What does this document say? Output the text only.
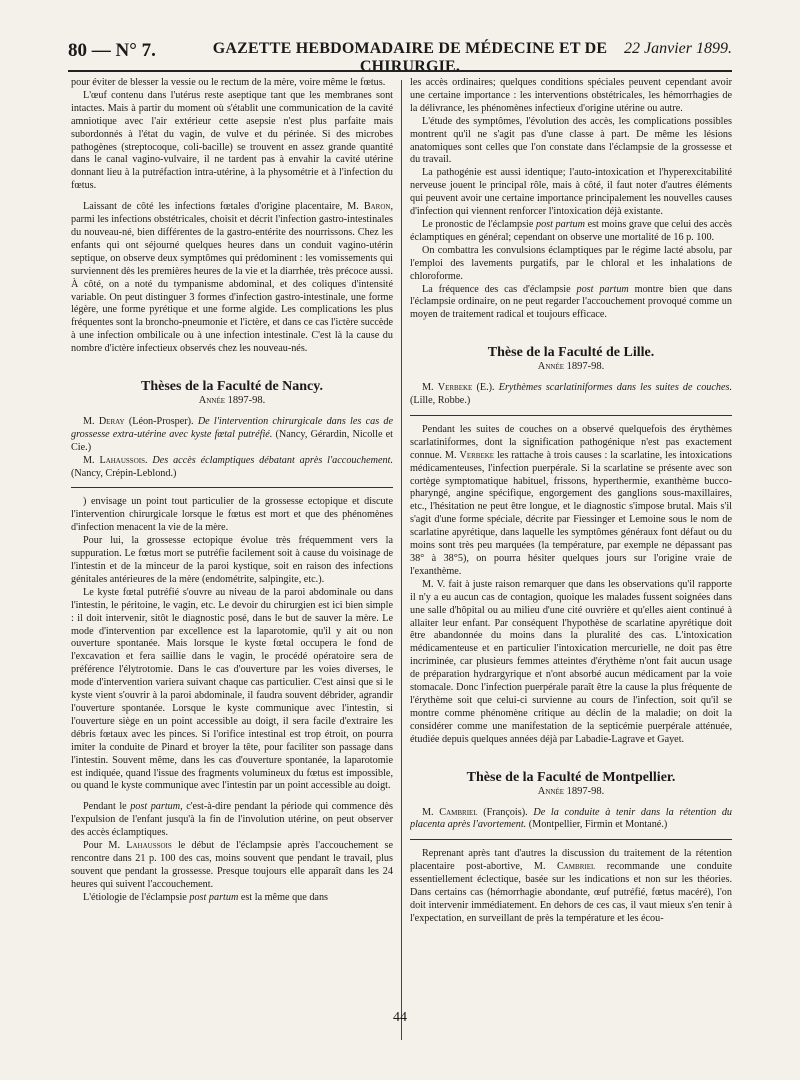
80 — N° 7.	GAZETTE HEBDOMADAIRE DE MÉDECINE ET DE CHIRURGIE.
22 Janvier 1899.

pour éviter de blesser la vessie ou le rectum de la mère, voire même le fœtus.

L'œuf contenu dans l'utérus reste aseptique tant que les membranes sont intactes. Mais à partir du moment où s'établit une communication de la cavité amniotique avec l'air extérieur cette asepsie n'est plus parfaite mais subordonnés à l'état du vagin, de vulve et du périnée. Si des microbes pathogènes (streptocoque, coli-bacille) se trouvent en assez grande quantité dans le canal vagino-vulvaire, il ne tardent pas à envahir la cavité utérine donnant lieu à la putréfaction intra-utérine, à la physométrie et à l'infection du fœtus.

Laissant de côté les infections fœtales d'origine placentaire, M. Baron, parmi les infections obstétricales, choisit et décrit l'infection gastro-intestinales du nouveau-né, bien différentes de la gastro-entérite des nourrissons. Chez les enfants qui ont séjourné quelques heures dans un conduit vagino-utérin septique, on observe deux symptômes qui prédominent : les vomissements qui surviennent dès les premières heures de la vie et la diarrhée, très précoce aussi. À côté, on a noté du tympanisme abdominal, et des coliques d'intensité variable. On peut distinguer 3 formes d'infection gastro-intestinale, une forme légère, une forme pyrétique et une forme algide. Les complications les plus fréquentes sont la broncho-pneumonie et l'ictère, et dans ce cas l'ictère succède à une infection ombilicale ou à une infection intestinale. C'est là la cause du nombre d'ictère infectieux observés chez les nouveau-nés.

Thèses de la Faculté de Nancy.
Année 1897-98.

M. Deray (Léon-Prosper). De l'intervention chirurgicale dans les cas de grossesse extra-utérine avec kyste fœtal putréfié. (Nancy, Gérardin, Nicolle et Cie.)

M. Lahaussois. Des accès éclamptiques débatant après l'accouchement. (Nancy, Crépin-Leblond.)

) envisage un point tout particulier de la grossesse ectopique et discute l'intervention chirurgicale lorsque le fœtus est mort et que des phénomènes d'infection menacent la vie de la mère.

Pour lui, la grossesse ectopique évolue très fréquemment vers la suppuration. Le fœtus mort se putréfie facilement soit à cause du voisinage de l'intestin et de la minceur de la paroi kystique, soit en raison des infections génitales antérieures de la mère (endométrite, salpingite, etc.).

Le kyste fœtal putréfié s'ouvre au niveau de la paroi abdominale ou dans l'intestin, le péritoine, le vagin, etc. Le devoir du chirurgien est ici bien simple : il doit intervenir, sitôt le diagnostic posé, dans le but de sauver la mère. Le mode d'intervention par excellence est la laparotomie, qu'il y ait ou non ouverture spontanée. Mais lorsque le kyste fœtal occupera le fond de l'excavation et fera saillie dans le vagin, le procédé opératoire sera de préférence l'élytrotomie. Dans le cas d'ouverture par les voies diverses, le mode d'intervention variera suivant chaque cas particulier. C'est ainsi que si le kyste vient s'ouvrir à la paroi abdominale, il faudra souvent débrider, agrandir l'ouverture spontanée. Lorsque le kyste communique avec l'intestin, si l'ouverture siège en un point accessible au doigt, il sera facile d'extraire les débris fœtaux avec les pinces. Si l'orifice intestinal est trop étroit, on pourra imiter la conduite de Pinard et broyer la tête, pour faciliter son passage dans l'intestin. Souvent même, dans les cas d'ouverture spontanée, la laparotomie est indiquée, quand l'issue des fragments volumineux du fœtus est impossible, ou quand le kyste communique avec l'intestin par un point accessible au doigt.

Pendant le post partum, c'est-à-dire pendant la période qui commence dès l'expulsion de l'enfant jusqu'à la fin de l'involution utérine, on peut observer des accès éclamptiques.

Pour M. Lahaussois le début de l'éclampsie après l'accouchement se rencontre dans 21 p. 100 des cas, moins souvent que pendant le travail, plus souvent que pendant la grossesse. Presque toujours elle apparaît dans les 24 heures qui suivent l'accouchement.

L'étiologie de l'éclampsie post partum est la même que dans

les accès ordinaires; quelques conditions spéciales peuvent cependant avoir une certaine importance : les interventions obstétricales, les hémorrhagies de la délivrance, les phénomènes infectieux d'origine utérine ou autre.

L'étude des symptômes, l'évolution des accès, les complications possibles montrent qu'il ne s'agit pas d'une classe à part. De même les lésions anatomiques sont celles que l'on constate dans l'éclampsie de la grossesse et du travail.

La pathogénie est aussi identique; l'auto-intoxication et l'hyperexcitabilité nerveuse jouent le principal rôle, mais à côté, il faut noter d'autres éléments qui peuvent avoir une certaine importance principalement les nouvelles causes d'infection qui viennent renforcer l'intoxication déjà existante.

Le pronostic de l'éclampsie post partum est moins grave que celui des accès éclamptiques en général; cependant on observe une mortalité de 16 p. 100.

On combattra les convulsions éclamptiques par le régime lacté absolu, par l'emploi des lavements purgatifs, par le chloral et les inhalations de chloroforme.

La fréquence des cas d'éclampsie post partum montre bien que dans l'éclampsie ordinaire, on ne peut regarder l'accouchement provoqué comme un moyen de traitement radical et toujours efficace.

Thèse de la Faculté de Lille.
Année 1897-98.

M. Verbeke (E.). Erythèmes scarlatiniformes dans les suites de couches. (Lille, Robbe.)

Pendant les suites de couches on a observé quelquefois des érythèmes scarlatiniformes, dont la signification pathogénique n'est pas exactement connue. M. Verbeke les rattache à trois causes : la scarlatine, les intoxications médicamenteuses, l'infection puerpérale. Si la scarlatine se présente avec son cortège symptomatique habituel, frissons, hyperthermie, exanthème bucco-pharyngé, angine spécifique, engorgement des ganglions sous-maxillaires, etc., l'hésitation ne peut être longue, et le diagnostic s'impose brutal. Mais s'il s'agit d'une forme spéciale, décrite par Fiessinger et Lemoine sous le nom de scarlatine apyrétique, dans laquelle les symptômes généraux font défaut ou du moins sont très peu marquées (la température, par exemple ne dépassant pas 38° à 38°5), on pourra hésiter quelques jours sur l'origine vraie de l'exanthème.

M. V. fait à juste raison remarquer que dans les observations qu'il rapporte il n'y a eu aucun cas de contagion, quoique les malades fussent soignées dans une salle d'hôpital ou au milieu d'une cité ouvrière et qu'elles aient continué à allaiter leur enfant. Par conséquent l'hypothèse de scarlatine apyrétique doit être abandonnée du moins dans la pluralité des cas. L'intoxication médicamenteuse et en particulier l'intoxication mercurielle, ne doit pas être incriminée, car plusieurs femmes atteintes d'érythème n'ont fait aucun usage de préparation hydrargyrique et n'ont absorbé aucun médicament par la voie stomacale. Donc l'infection puerpérale paraît être la cause la plus fréquente de l'érythème soit que celui-ci survienne au cours de l'infection, soit qu'il se montre comme phénomène critique au déclin de la maladie; on doit la considérer comme une manifestation de la septicémie puerpérale atténuée, étudiée depuis quelques années déjà par Labadie-Lagrave et Gayet.

Thèse de la Faculté de Montpellier.
Année 1897-98.

M. Cambriel (François). De la conduite à tenir dans la rétention du placenta après l'avortement. (Montpellier, Firmin et Montané.)

Reprenant après tant d'autres la discussion du traitement de la rétention placentaire post-abortive, M. Cambriel recommande une conduite essentiellement éclectique, basée sur les indications et non sur les théories. Dans certains cas (hémorrhagie abondante, œuf putréfié, fœtus macéré), l'on doit intervenir immédiatement. En dehors de ces cas, il vaut mieux s'en tenir à l'expectation, en surveillant de près la température et les écou-

44
